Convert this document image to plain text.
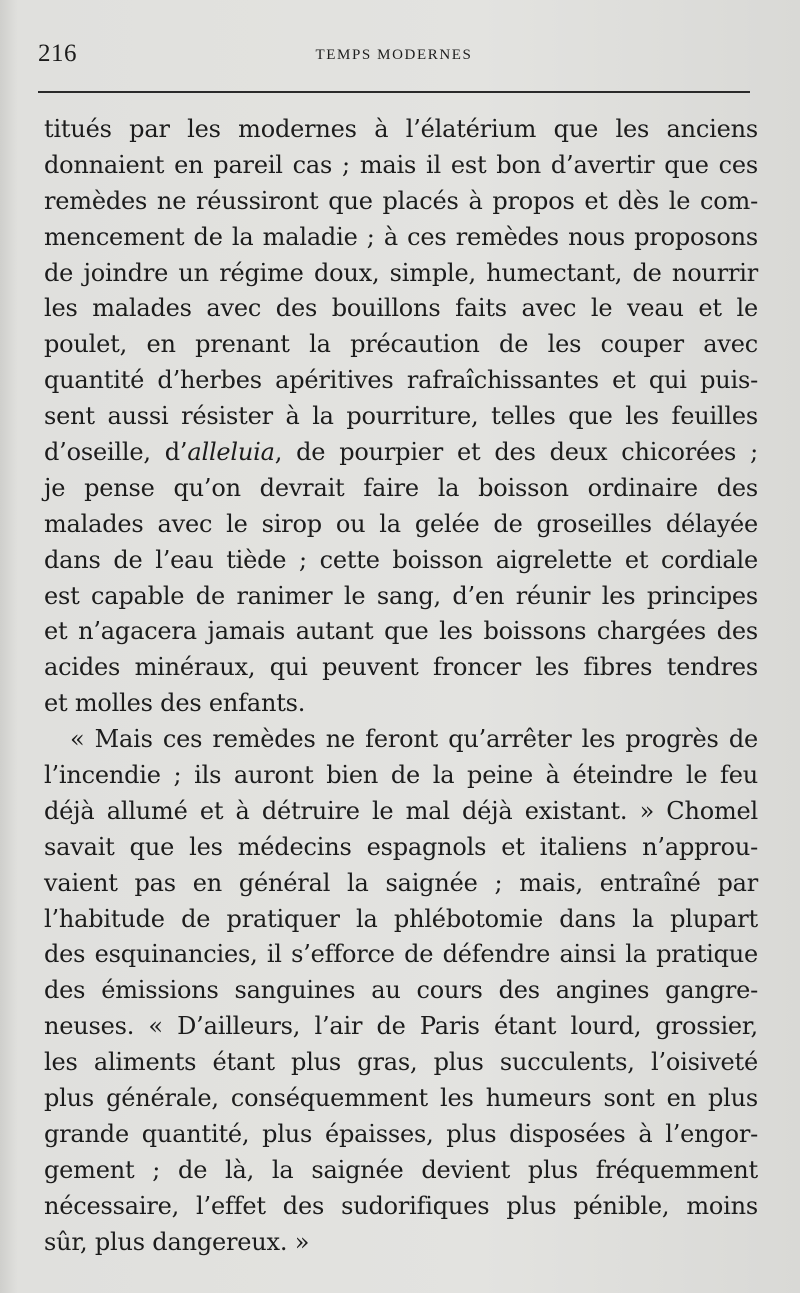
216	TEMPS MODERNES
titués par les modernes à l’élatérium que les anciens
donnaient en pareil cas ; mais il est bon d’avertir que ces
remèdes ne réussiront que placés à propos et dès le com-
mencement de la maladie ; à ces remèdes nous proposons
de joindre un régime doux, simple, humectant, de nourrir
les malades avec des bouillons faits avec le veau et le
poulet, en prenant la précaution de les couper avec
quantité d’herbes apéritives rafraîchissantes et qui puis-
sent aussi résister à la pourriture, telles que les feuilles
d’oseille, d’alleluia, de pourpier et des deux chicorées ;
je pense qu’on devrait faire la boisson ordinaire des
malades avec le sirop ou la gelée de groseilles délayée
dans de l’eau tiède ; cette boisson aigrelette et cordiale
est capable de ranimer le sang, d’en réunir les principes
et n’agacera jamais autant que les boissons chargées des
acides minéraux, qui peuvent froncer les fibres tendres
et molles des enfants.
« Mais ces remèdes ne feront qu’arrêter les progrès de
l’incendie ; ils auront bien de la peine à éteindre le feu
déjà allumé et à détruire le mal déjà existant. » Chomel
savait que les médecins espagnols et italiens n’approu-
vaient pas en général la saignée ; mais, entraîné par
l’habitude de pratiquer la phlébotomie dans la plupart
des esquinancies, il s’efforce de défendre ainsi la pratique
des émissions sanguines au cours des angines gangre-
neuses. « D’ailleurs, l’air de Paris étant lourd, grossier,
les aliments étant plus gras, plus succulents, l’oisiveté
plus générale, conséquemment les humeurs sont en plus
grande quantité, plus épaisses, plus disposées à l’engor-
gement ; de là, la saignée devient plus fréquemment
nécessaire, l’effet des sudorifiques plus pénible, moins
sûr, plus dangereux. »
